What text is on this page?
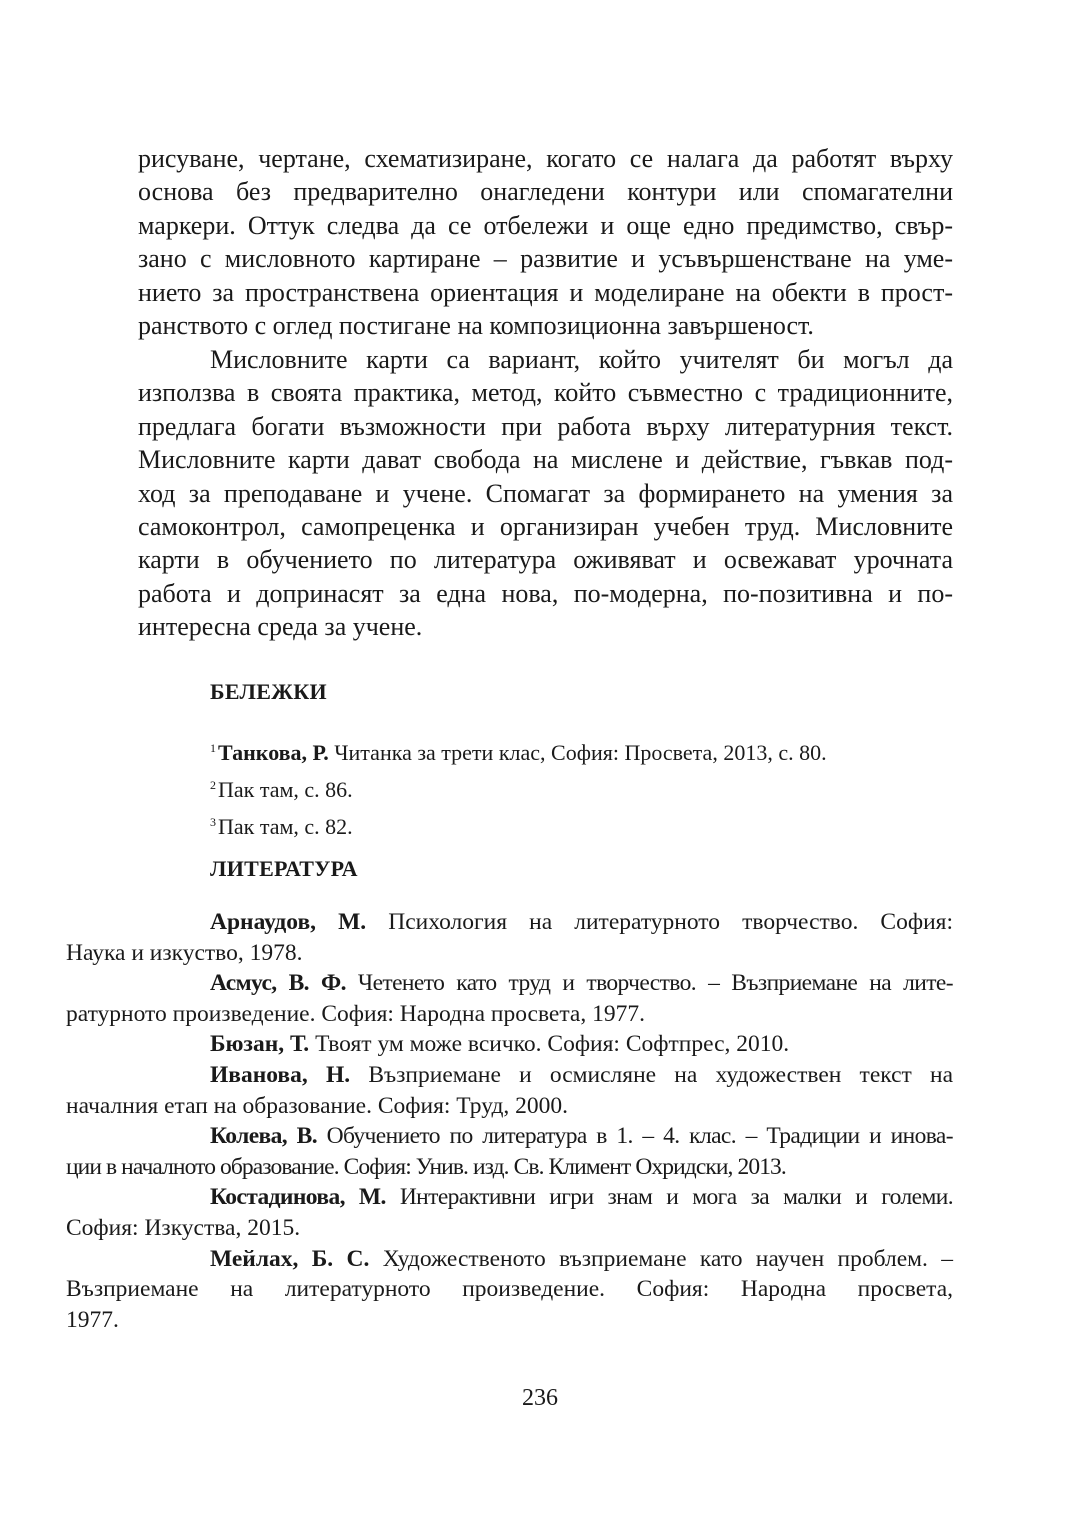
рисуване, чертане, схематизиране, когато се налага да работят върху

основа без предварително онагледени контури или спомагателни

маркери. Оттук следва да се отбележи и още едно предимство, свър-

зано с мисловното картиране – развитие и усъвършенстване на уме-

нието за пространствена ориентация и моделиране на обекти в прост-

ранството с оглед постигане на композиционна завършеност.

Мисловните карти са вариант, който учителят би могъл да

използва в своята практика, метод, който съвместно с традиционните,

предлага богати възможности при работа върху литературния текст.

Мисловните карти дават свобода на мислене и действие, гъвкав под-

ход за преподаване и учене. Спомагат за формирането на умения за

самоконтрол, самопреценка и организиран учебен труд. Мисловните

карти в обучението по литература оживяват и освежават урочната

работа и допринасят за една нова, по-модерна, по-позитивна и по-

интересна среда за учене.

БЕЛЕЖКИ

$^1$Танкова, Р. Читанка за трети клас, София: Просвета, 2013, с. 80.

$^2$Пак там, с. 86.

$^3$Пак там, с. 82.

ЛИТЕРАТУРА

Арнаудов, М. Психология на литературното творчество. София:
Наука и изкуство, 1978.

Асмус, В. Ф. Четенето като труд и творчество. – Възприемане на лите-
ратурното произведение. София: Народна просвета, 1977.

Бюзан, Т. Твоят ум може всичко. София: Софтпрес, 2010.

Иванова, Н. Възприемане и осмисляне на художествен текст на
началния етап на образование. София: Труд, 2000.

Колева, В. Обучението по литература в 1. – 4. клас. – Традиции и инова-
ции в началното образование. София: Унив. изд. Св. Климент Охридски, 2013.

Костадинова, М. Интерактивни игри знам и мога за малки и големи.
София: Изкуства, 2015.

Мейлах, Б. С. Художественото възприемане като научен проблем. –
Възприемане на литературното произведение. София: Народна просвета,
1977.

236
